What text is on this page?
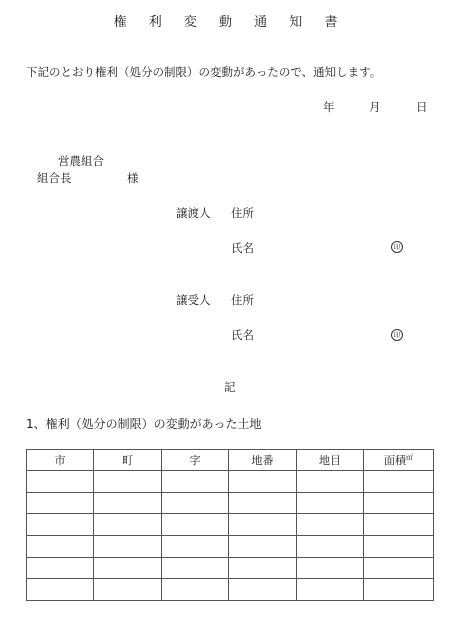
権 利 変 動 通 知 書
下記のとおり権利（処分の制限）の変動があったので、通知します。
年	月	日
営農組合
組合長	様
譲渡人 住所
氏名	印
譲受人 住所
氏名	印
記
1、権利（処分の制限）の変動があった土地
市	町	字	地番	地目	面積㎡
